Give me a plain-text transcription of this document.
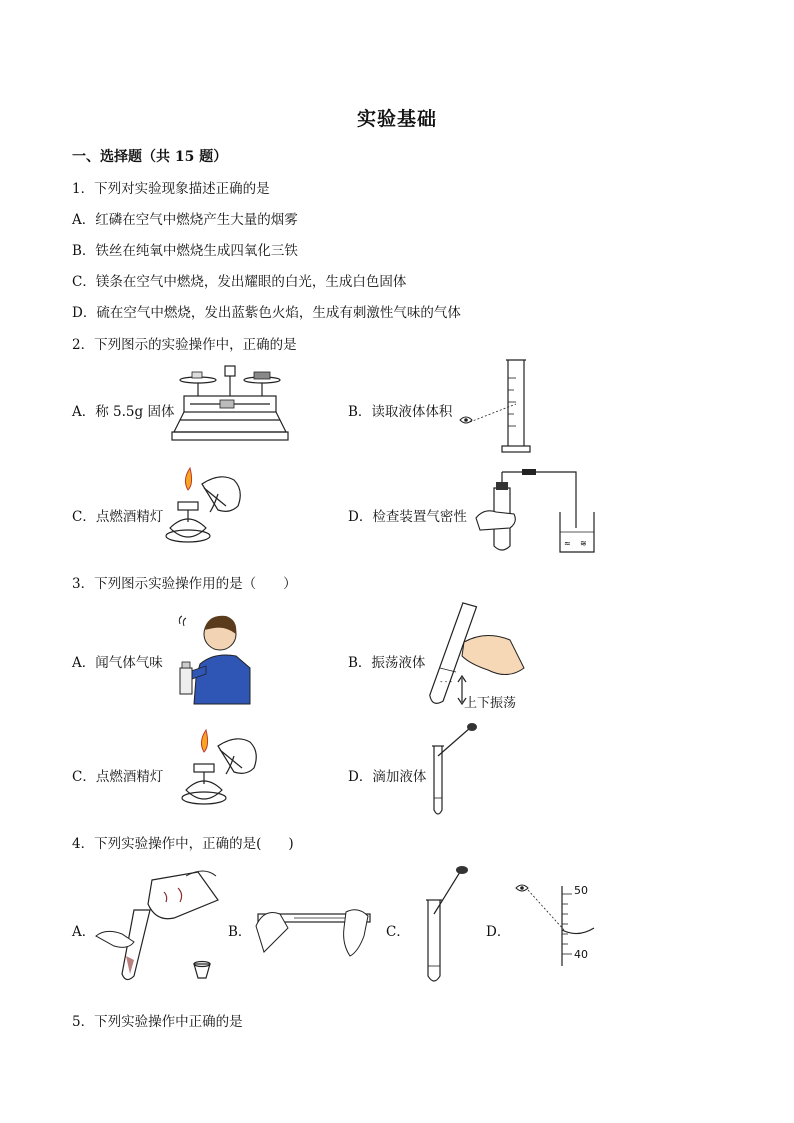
实验基础
一、选择题（共 15 题）
1．下列对实验现象描述正确的是
A．红磷在空气中燃烧产生大量的烟雾
B．铁丝在纯氧中燃烧生成四氧化三铁
C．镁条在空气中燃烧，发出耀眼的白光，生成白色固体
D．硫在空气中燃烧，发出蓝紫色火焰，生成有刺激性气味的气体
2．下列图示的实验操作中，正确的是
A．称 5.5g 固体	B．读取液体体积
C．点燃酒精灯	D．检查装置气密性
≈ ≋
3．下列图示实验操作用的是（　　）
A．闻气体气味	B．振荡液体
C．点燃酒精灯	D．滴加液体
上下振荡
- - -
4．下列实验操作中，正确的是(　　)
A．	B．	C．	D．
50
40
5．下列实验操作中正确的是
